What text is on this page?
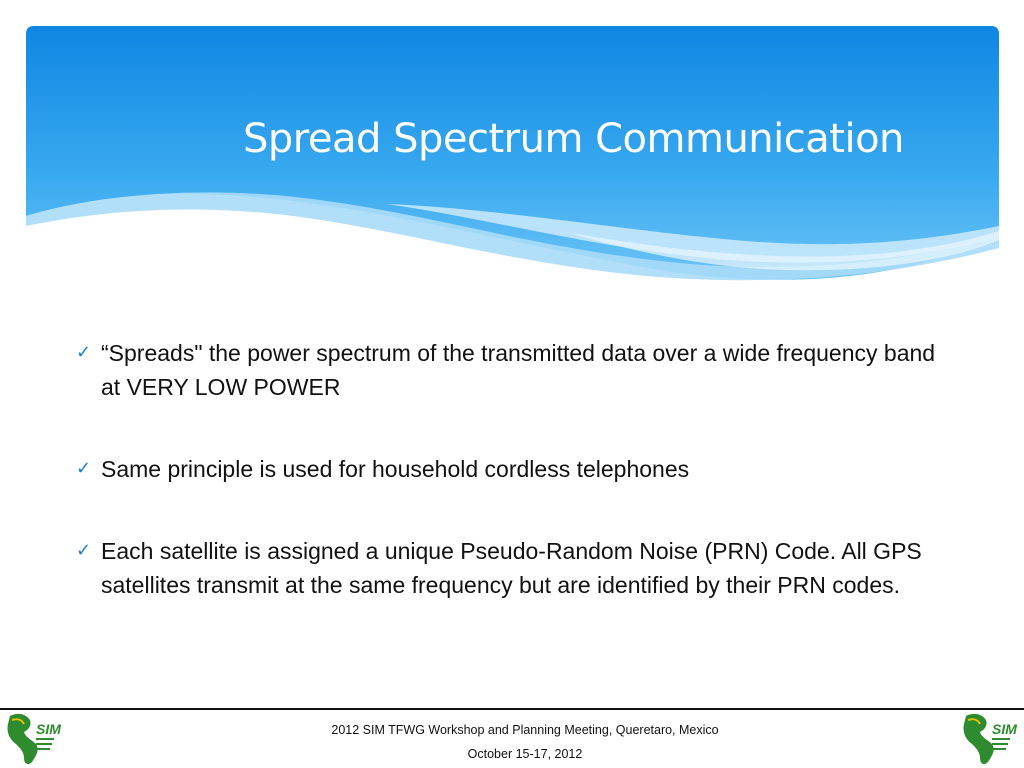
Spread Spectrum Communication
✓ “Spreads" the power spectrum of the transmitted data over a wide frequency band at VERY LOW POWER
✓ Same principle is used for household cordless telephones
✓ Each satellite is assigned a unique Pseudo-Random Noise (PRN) Code. All GPS satellites transmit at the same frequency but are identified by their PRN codes.
2012 SIM TFWG Workshop and Planning Meeting, Queretaro, Mexico
October 15-17, 2012
SIM	SIM
